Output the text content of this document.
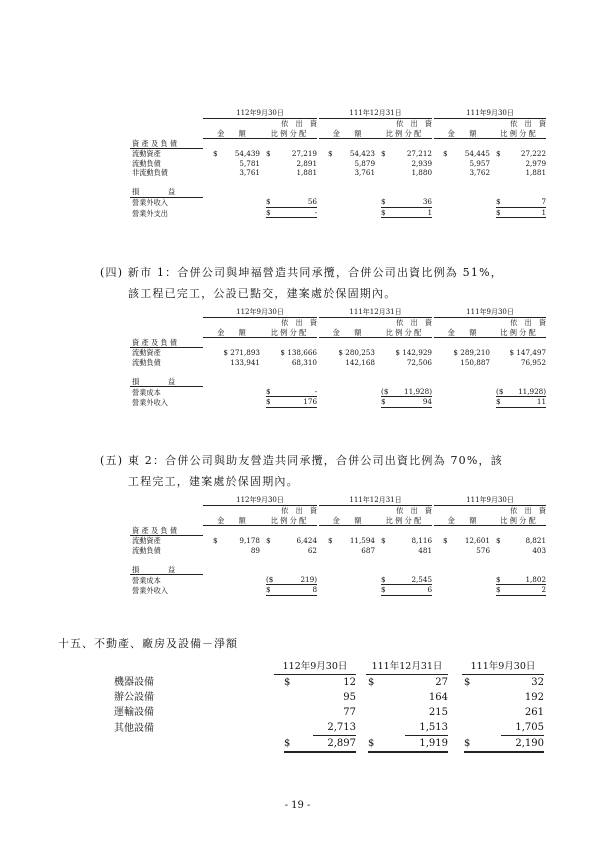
	112年9月30日			111年12月31日			111年9月30日	
		依　出　資			依　出　資			依　出　資
	金　　額	比 例 分 配		金　　額	比 例 分 配		金　　額	比 例 分 配
資 產 及 負 債								
流動資產	$ 54,439	$ 27,219		$ 54,423	$ 27,212		$ 54,445	$ 27,222

流動負債	5,781	2,891		5,879	2,939		5,957	2,979
非流動負債	3,761	1,881		3,761	1,880		3,762	1,881

損　　　　益								
營業外收入		$ 56			$ 36			$ 7

營業外支出		$ -			$ 1			$ 1
(四) 新市 1：合併公司與坤福營造共同承攬，合併公司出資比例為 51%，
該工程已完工，公設已點交，建案處於保固期內。
	112年9月30日			111年12月31日			111年9月30日	
		依　出　資			依　出　資			依　出　資
	金　　額	比 例 分 配		金　　額	比 例 分 配		金　　額	比 例 分 配
資 產 及 負 債								
流動資產	$ 271,893	$ 138,666		$ 280,253	$ 142,929		$ 289,210	$ 147,497
流動負債	133,941	68,310		142,168	72,506		150,887	76,952

損　　　　益								
營業成本		$ -			($ 11,928)			($ 11,928)

營業外收入		$ 176			$ 94			$ 11
(五) 東 2：合併公司與助友營造共同承攬，合併公司出資比例為 70%，該
工程完工，建案處於保固期內。
	112年9月30日			111年12月31日			111年9月30日	
		依　出　資			依　出　資			依　出　資
	金　　額	比 例 分 配		金　　額	比 例 分 配		金　　額	比 例 分 配
資 產 及 負 債								
流動資產	$ 9,178	$ 6,424		$ 11,594	$ 8,116		$ 12,601	$ 8,821

流動負債	89	62		687	481		576	403

損　　　　益								
營業成本		($ 219)			$ 2,545			$ 1,802

營業外收入		$ 8			$ 6			$ 2
十五、不動產、廠房及設備－淨額
	112年9月30日		111年12月31日		111年9月30日
機器設備	$ 12		$ 27		$ 32

辦公設備	95		164		192
運輸設備	77		215		261
其他設備	2,713		1,513		1,705

	$ 2,897		$ 1,919		$ 2,190
- 19 -
